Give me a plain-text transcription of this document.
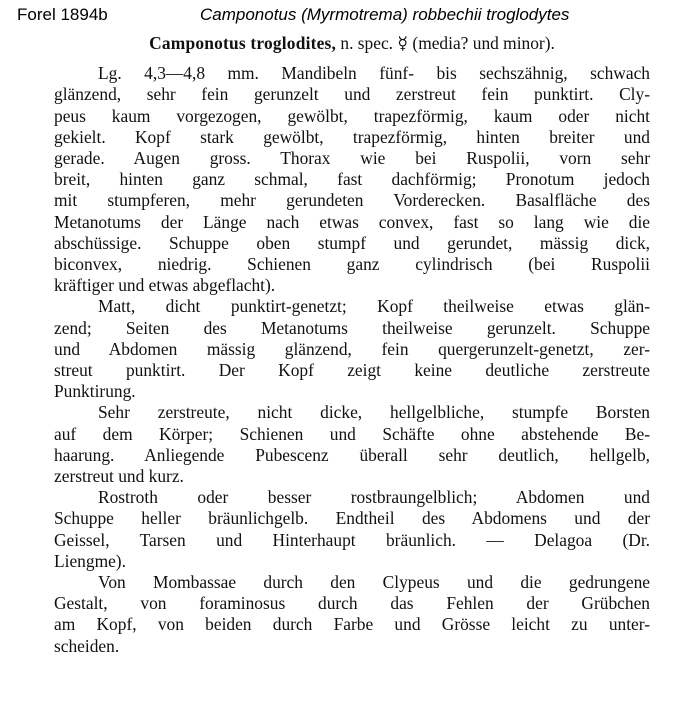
Forel 1894b	Camponotus (Myrmotrema) robbechii troglodytes
Camponotus troglodites, n. spec. ☿ (media? und minor).
Lg. 4,3—4,8 mm. Mandibeln fünf- bis sechszähnig, schwach
glänzend, sehr fein gerunzelt und zerstreut fein punktirt. Cly-
peus kaum vorgezogen, gewölbt, trapezförmig, kaum oder nicht
gekielt. Kopf stark gewölbt, trapezförmig, hinten breiter und
gerade. Augen gross. Thorax wie bei Ruspolii, vorn sehr
breit, hinten ganz schmal, fast dachförmig; Pronotum jedoch
mit stumpferen, mehr gerundeten Vorderecken. Basalfläche des
Metanotums der Länge nach etwas convex, fast so lang wie die
abschüssige. Schuppe oben stumpf und gerundet, mässig dick,
biconvex, niedrig. Schienen ganz cylindrisch (bei Ruspolii
kräftiger und etwas abgeflacht).
Matt, dicht punktirt-genetzt; Kopf theilweise etwas glän-
zend; Seiten des Metanotums theilweise gerunzelt. Schuppe
und Abdomen mässig glänzend, fein quergerunzelt-genetzt, zer-
streut punktirt. Der Kopf zeigt keine deutliche zerstreute
Punktirung.
Sehr zerstreute, nicht dicke, hellgelbliche, stumpfe Borsten
auf dem Körper; Schienen und Schäfte ohne abstehende Be-
haarung. Anliegende Pubescenz überall sehr deutlich, hellgelb,
zerstreut und kurz.
Rostroth oder besser rostbraungelblich; Abdomen und
Schuppe heller bräunlichgelb. Endtheil des Abdomens und der
Geissel, Tarsen und Hinterhaupt bräunlich. — Delagoa (Dr.
Liengme).
Von Mombassae durch den Clypeus und die gedrungene
Gestalt, von foraminosus durch das Fehlen der Grübchen
am Kopf, von beiden durch Farbe und Grösse leicht zu unter-
scheiden.
